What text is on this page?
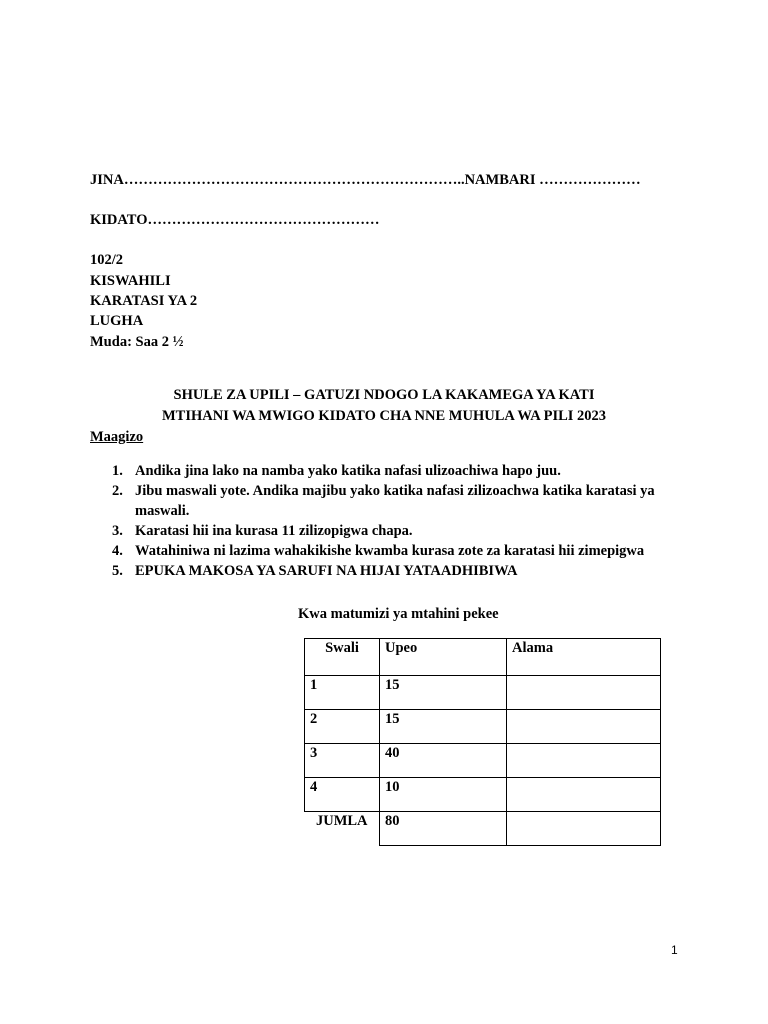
JINA……………………………………………………………..NAMBARI …………………
KIDATO…………………………………………
102/2
KISWAHILI
KARATASI YA 2
LUGHA
Muda: Saa 2 ½
SHULE ZA UPILI – GATUZI NDOGO LA KAKAMEGA YA KATI
MTIHANI WA MWIGO KIDATO CHA NNE MUHULA WA PILI 2023
Maagizo
1. Andika jina lako na namba yako katika nafasi ulizoachiwa hapo juu.
2. Jibu maswali yote. Andika majibu yako katika nafasi zilizoachwa katika karatasi ya maswali.
3. Karatasi hii ina kurasa 11 zilizopigwa chapa.
4. Watahiniwa ni lazima wahakikishe kwamba kurasa zote za karatasi hii zimepigwa
5. EPUKA MAKOSA YA SARUFI NA HIJAI YATAADHIBIWA
Kwa matumizi ya mtahini pekee
Swali	Upeo	Alama
1	15	
2	15	
3	40	
4	10	
JUMLA	80	
1
